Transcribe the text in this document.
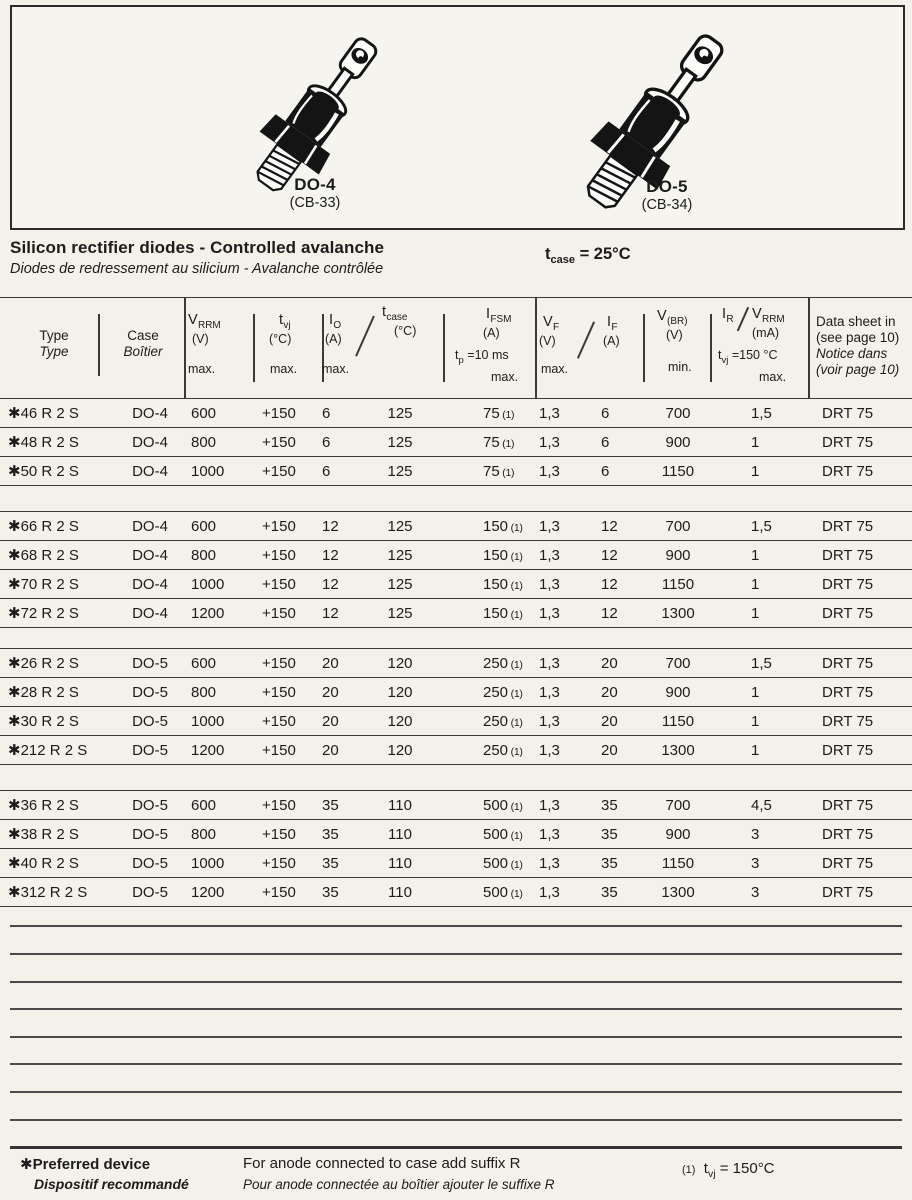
DO-4
(CB-33)
DO-5
(CB-34)
Silicon rectifier diodes - Controlled avalanche
Diodes de redressement au silicium - Avalanche contrôlée
$t_{case} = 25^\circ C$
Type
Type
Case
Boîtier
$V_{RRM}$
(V)
max.
$t_{vj}$
(°C)
max.
$I_O$
(A)
max.
$t_{case}$
(°C)
$I_{FSM}$
(A)
$t_p =10$ ms
max.
$V_F$
(V)
max.
$I_F$
(A)
$V_{(BR)}$
(V)
min.
$I_R$ $V_{RRM}$
(mA)
$t_{vj} =150$ °C
max.
Data sheet in
(see page 10)
Notice dans
(voir page 10)
✱46 R 2 S	DO-4	600	+150	6	125	75 (1)	1,3	6	700	1,5	DRT 75
✱48 R 2 S	DO-4	800	+150	6	125	75 (1)	1,3	6	900	1	DRT 75
✱50 R 2 S	DO-4	1000	+150	6	125	75 (1)	1,3	6	1150	1	DRT 75
✱66 R 2 S	DO-4	600	+150	12	125	150 (1)	1,3	12	700	1,5	DRT 75
✱68 R 2 S	DO-4	800	+150	12	125	150 (1)	1,3	12	900	1	DRT 75
✱70 R 2 S	DO-4	1000	+150	12	125	150 (1)	1,3	12	1150	1	DRT 75
✱72 R 2 S	DO-4	1200	+150	12	125	150 (1)	1,3	12	1300	1	DRT 75
✱26 R 2 S	DO-5	600	+150	20	120	250 (1)	1,3	20	700	1,5	DRT 75
✱28 R 2 S	DO-5	800	+150	20	120	250 (1)	1,3	20	900	1	DRT 75
✱30 R 2 S	DO-5	1000	+150	20	120	250 (1)	1,3	20	1150	1	DRT 75
✱212 R 2 S	DO-5	1200	+150	20	120	250 (1)	1,3	20	1300	1	DRT 75
✱36 R 2 S	DO-5	600	+150	35	110	500 (1)	1,3	35	700	4,5	DRT 75
✱38 R 2 S	DO-5	800	+150	35	110	500 (1)	1,3	35	900	3	DRT 75
✱40 R 2 S	DO-5	1000	+150	35	110	500 (1)	1,3	35	1150	3	DRT 75
✱312 R 2 S	DO-5	1200	+150	35	110	500 (1)	1,3	35	1300	3	DRT 75
✱Preferred device
Dispositif recommandé
For anode connected to case add suffix R
Pour anode connectée au boîtier ajouter le suffixe R
(1) $t_{vj} = 150^\circ C$
